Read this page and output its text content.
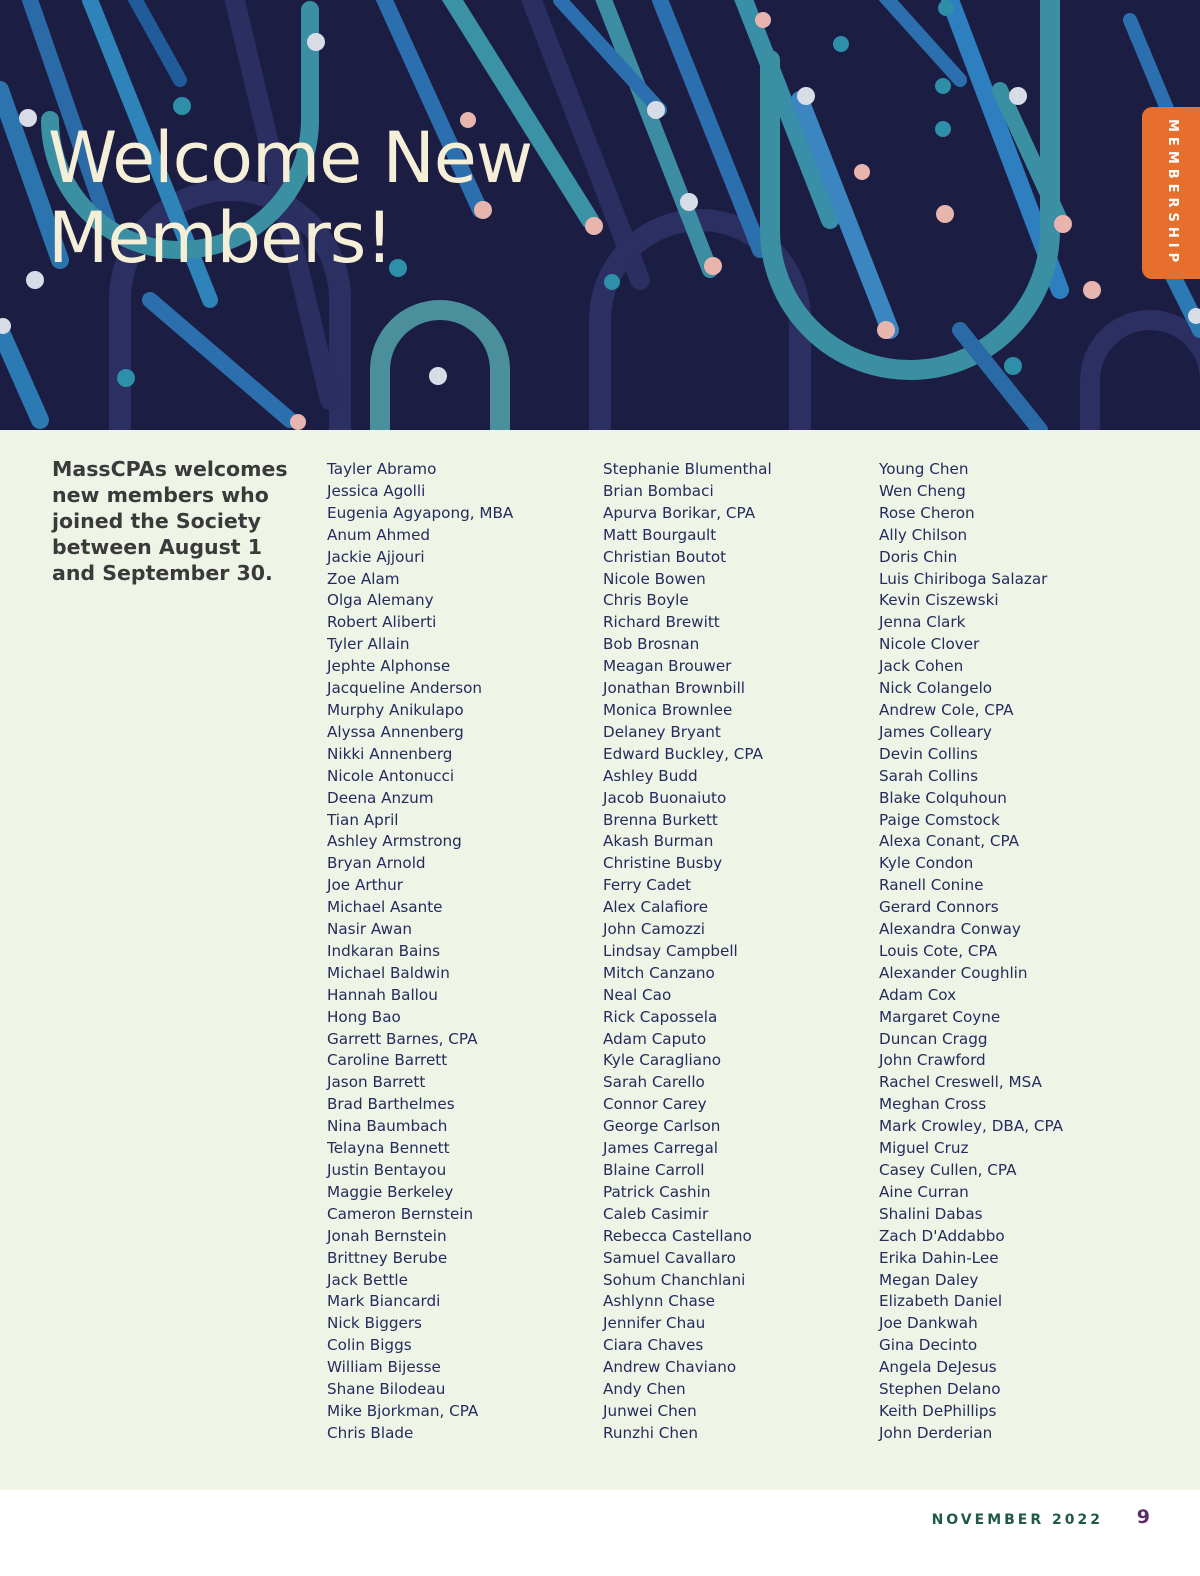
Welcome New
Members!	MEMBERSHIP

MassCPAs welcomes new members who joined the Society between August 1 and September 30.

Tayler Abramo
Jessica Agolli
Eugenia Agyapong, MBA
Anum Ahmed
Jackie Ajjouri
Zoe Alam
Olga Alemany
Robert Aliberti
Tyler Allain
Jephte Alphonse
Jacqueline Anderson
Murphy Anikulapo
Alyssa Annenberg
Nikki Annenberg
Nicole Antonucci
Deena Anzum
Tian April
Ashley Armstrong
Bryan Arnold
Joe Arthur
Michael Asante
Nasir Awan
Indkaran Bains
Michael Baldwin
Hannah Ballou
Hong Bao
Garrett Barnes, CPA
Caroline Barrett
Jason Barrett
Brad Barthelmes
Nina Baumbach
Telayna Bennett
Justin Bentayou
Maggie Berkeley
Cameron Bernstein
Jonah Bernstein
Brittney Berube
Jack Bettle
Mark Biancardi
Nick Biggers
Colin Biggs
William Bijesse
Shane Bilodeau
Mike Bjorkman, CPA
Chris Blade
Stephanie Blumenthal
Brian Bombaci
Apurva Borikar, CPA
Matt Bourgault
Christian Boutot
Nicole Bowen
Chris Boyle
Richard Brewitt
Bob Brosnan
Meagan Brouwer
Jonathan Brownbill
Monica Brownlee
Delaney Bryant
Edward Buckley, CPA
Ashley Budd
Jacob Buonaiuto
Brenna Burkett
Akash Burman
Christine Busby
Ferry Cadet
Alex Calafiore
John Camozzi
Lindsay Campbell
Mitch Canzano
Neal Cao
Rick Capossela
Adam Caputo
Kyle Caragliano
Sarah Carello
Connor Carey
George Carlson
James Carregal
Blaine Carroll
Patrick Cashin
Caleb Casimir
Rebecca Castellano
Samuel Cavallaro
Sohum Chanchlani
Ashlynn Chase
Jennifer Chau
Ciara Chaves
Andrew Chaviano
Andy Chen
Junwei Chen
Runzhi Chen
Young Chen
Wen Cheng
Rose Cheron
Ally Chilson
Doris Chin
Luis Chiriboga Salazar
Kevin Ciszewski
Jenna Clark
Nicole Clover
Jack Cohen
Nick Colangelo
Andrew Cole, CPA
James Colleary
Devin Collins
Sarah Collins
Blake Colquhoun
Paige Comstock
Alexa Conant, CPA
Kyle Condon
Ranell Conine
Gerard Connors
Alexandra Conway
Louis Cote, CPA
Alexander Coughlin
Adam Cox
Margaret Coyne
Duncan Cragg
John Crawford
Rachel Creswell, MSA
Meghan Cross
Mark Crowley, DBA, CPA
Miguel Cruz
Casey Cullen, CPA
Aine Curran
Shalini Dabas
Zach D'Addabbo
Erika Dahin-Lee
Megan Daley
Elizabeth Daniel
Joe Dankwah
Gina Decinto
Angela DeJesus
Stephen Delano
Keith DePhillips
John Derderian
NOVEMBER 2022 9
